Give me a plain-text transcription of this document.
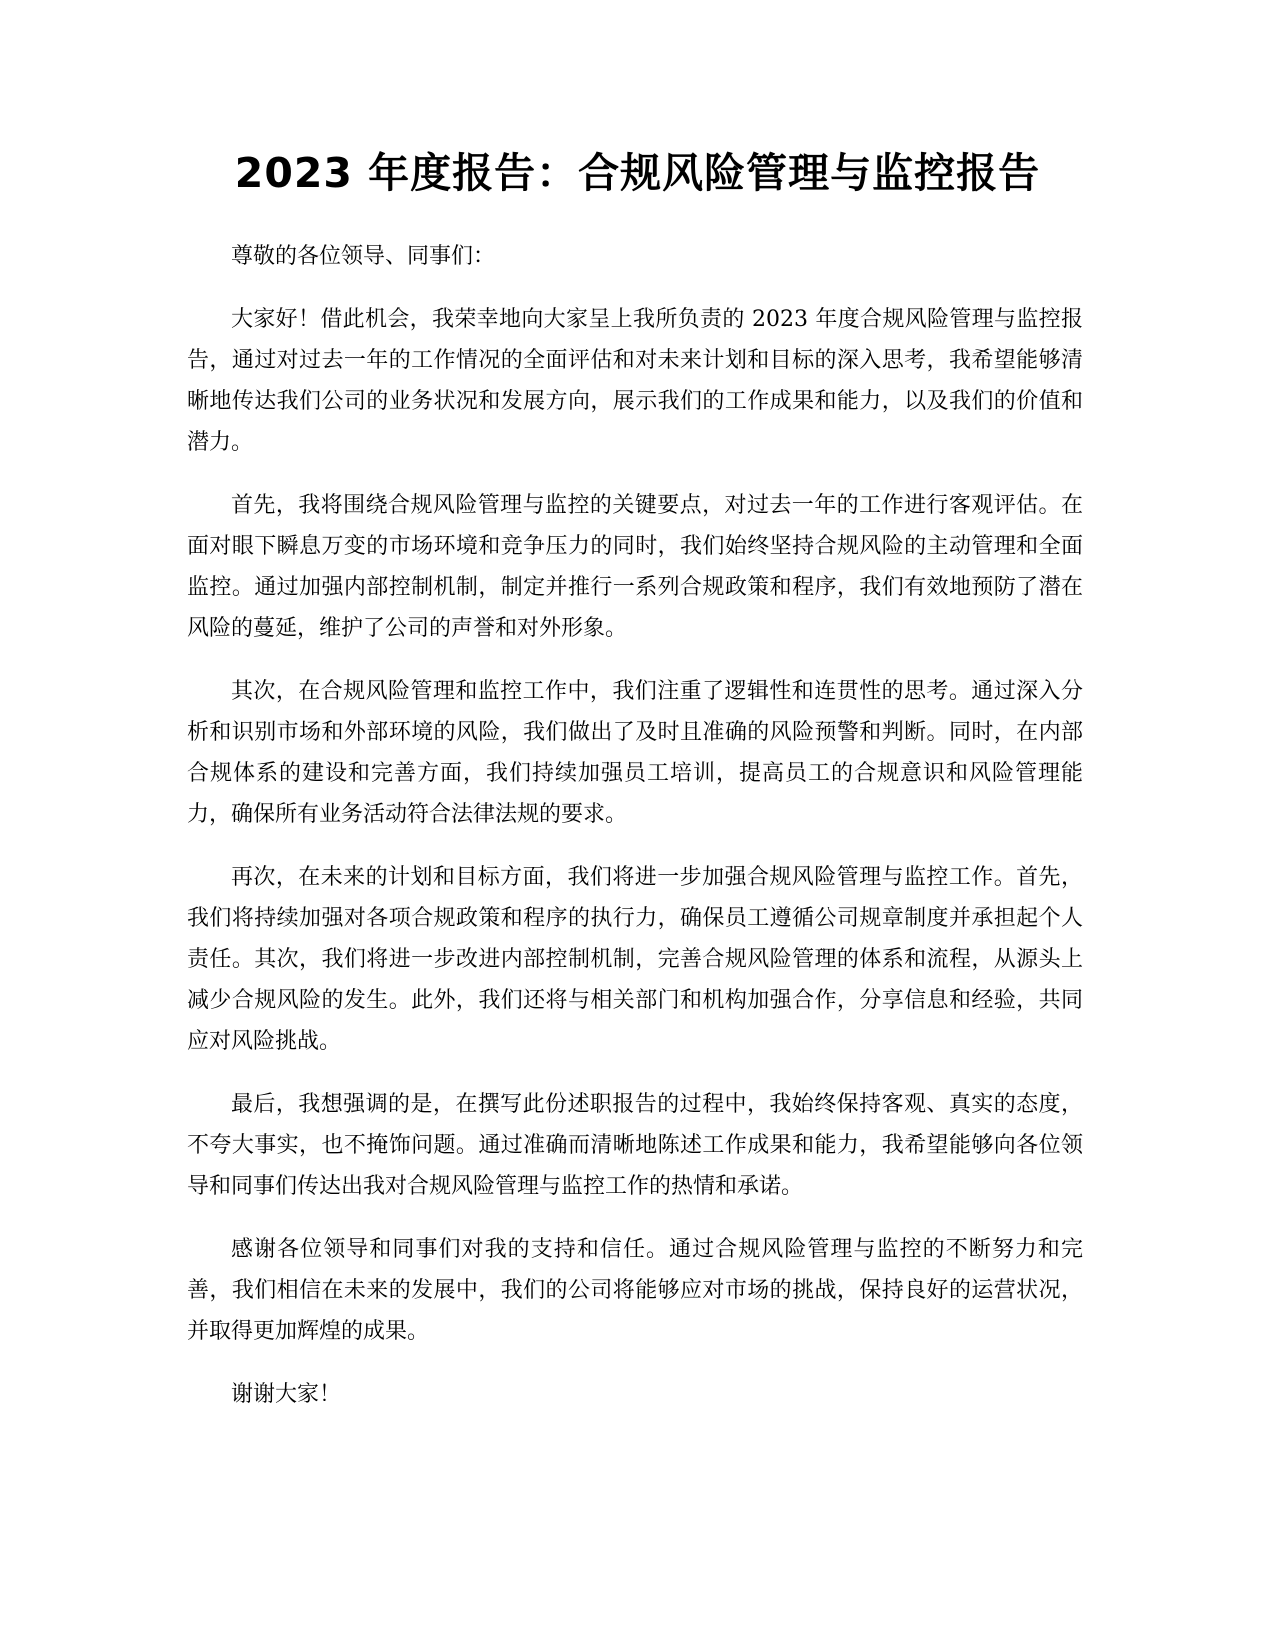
2023 年度报告：合规风险管理与监控报告

尊敬的各位领导、同事们：

大家好！借此机会，我荣幸地向大家呈上我所负责的 2023 年度合规风险管理与监控报告，通过对过去一年的工作情况的全面评估和对未来计划和目标的深入思考，我希望能够清晰地传达我们公司的业务状况和发展方向，展示我们的工作成果和能力，以及我们的价值和潜力。

首先，我将围绕合规风险管理与监控的关键要点，对过去一年的工作进行客观评估。在面对眼下瞬息万变的市场环境和竞争压力的同时，我们始终坚持合规风险的主动管理和全面监控。通过加强内部控制机制，制定并推行一系列合规政策和程序，我们有效地预防了潜在风险的蔓延，维护了公司的声誉和对外形象。

其次，在合规风险管理和监控工作中，我们注重了逻辑性和连贯性的思考。通过深入分析和识别市场和外部环境的风险，我们做出了及时且准确的风险预警和判断。同时，在内部合规体系的建设和完善方面，我们持续加强员工培训，提高员工的合规意识和风险管理能力，确保所有业务活动符合法律法规的要求。

再次，在未来的计划和目标方面，我们将进一步加强合规风险管理与监控工作。首先，我们将持续加强对各项合规政策和程序的执行力，确保员工遵循公司规章制度并承担起个人责任。其次，我们将进一步改进内部控制机制，完善合规风险管理的体系和流程，从源头上减少合规风险的发生。此外，我们还将与相关部门和机构加强合作，分享信息和经验，共同应对风险挑战。

最后，我想强调的是，在撰写此份述职报告的过程中，我始终保持客观、真实的态度，不夸大事实，也不掩饰问题。通过准确而清晰地陈述工作成果和能力，我希望能够向各位领导和同事们传达出我对合规风险管理与监控工作的热情和承诺。

感谢各位领导和同事们对我的支持和信任。通过合规风险管理与监控的不断努力和完善，我们相信在未来的发展中，我们的公司将能够应对市场的挑战，保持良好的运营状况，并取得更加辉煌的成果。

谢谢大家！
